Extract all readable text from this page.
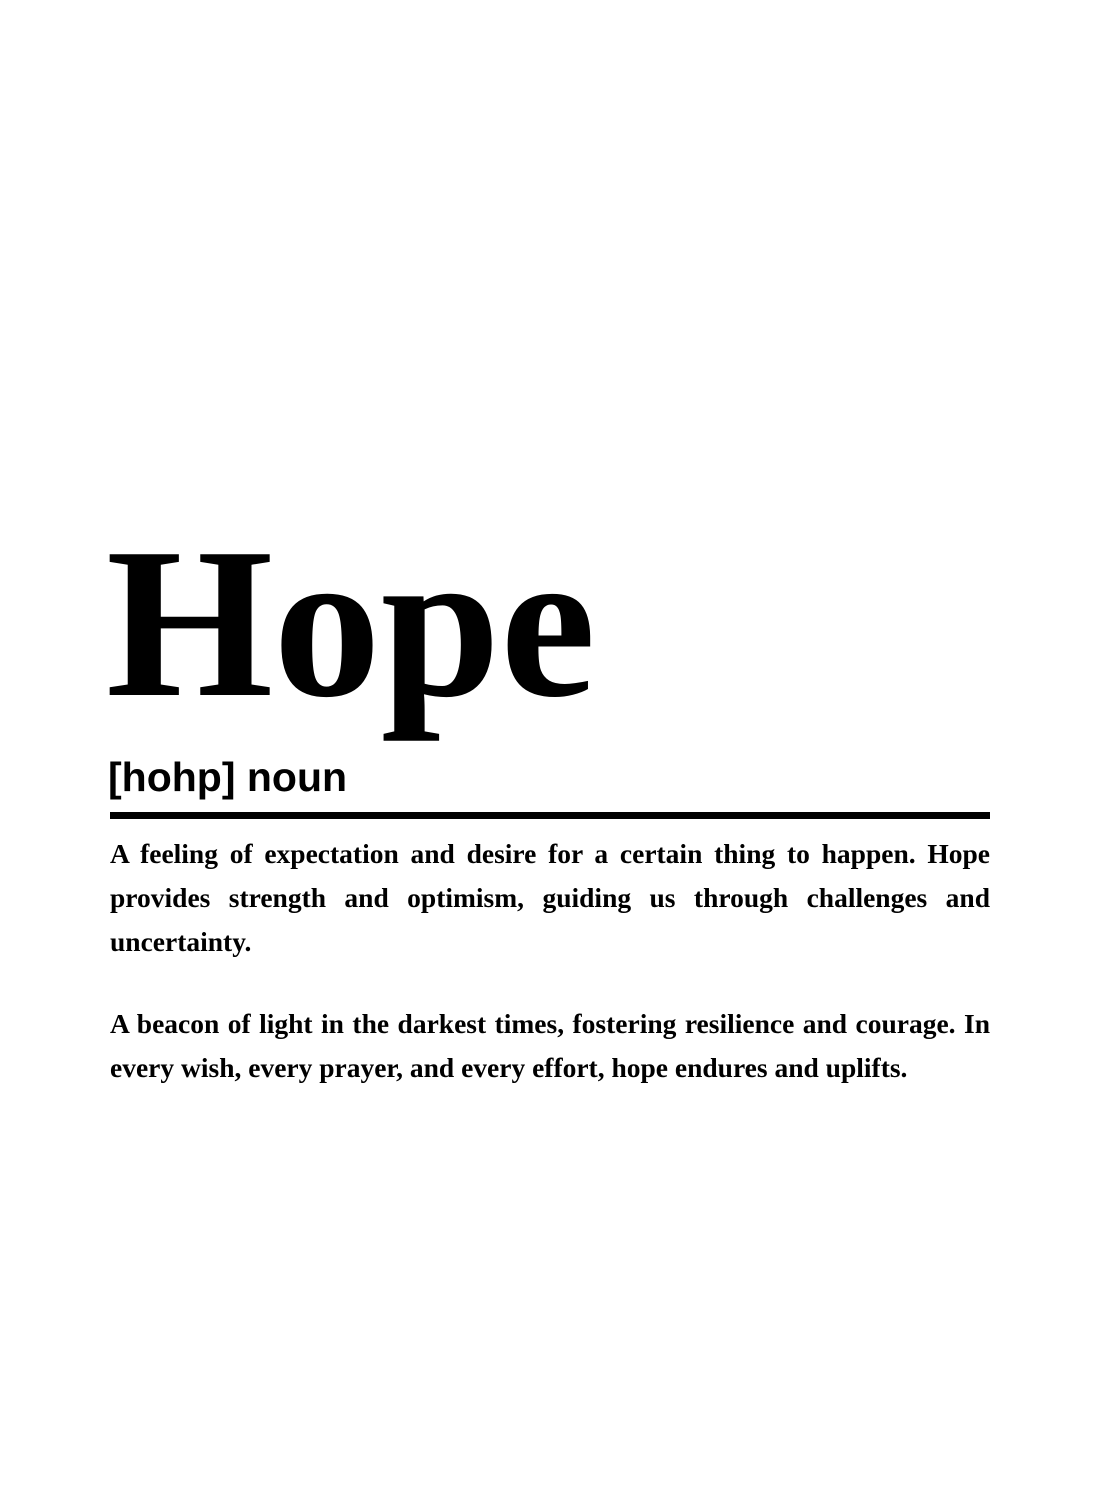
Hope
[hohp] noun
A feeling of expectation and desire for a certain thing to happen. Hope
provides strength and optimism, guiding us through challenges and
uncertainty.
A beacon of light in the darkest times, fostering resilience and courage. In
every wish, every prayer, and every effort, hope endures and uplifts.
